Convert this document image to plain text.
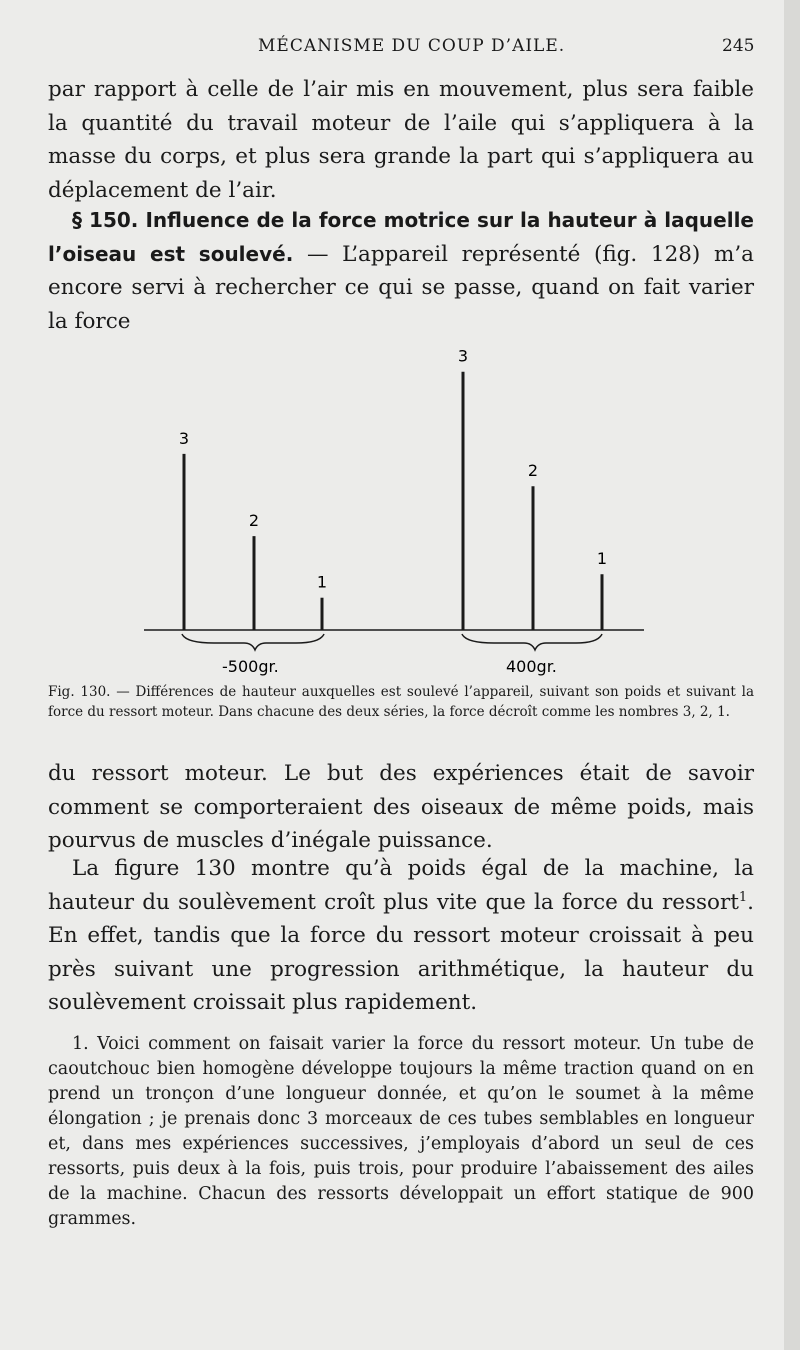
MÉCANISME DU COUP D’AILE.	245

par rapport à celle de l’air mis en mouvement, plus sera faible la quantité du travail moteur de l’aile qui s’appliquera à la masse du corps, et plus sera grande la part qui s’appliquera au déplacement de l’air.

§ 150. Influence de la force motrice sur la hauteur à laquelle l’oiseau est soulevé. — L’appareil représenté (fig. 128) m’a encore servi à rechercher ce qui se passe, quand on fait varier la force

3
2
1
3
2
1
-500gr.	400gr.

Fig. 130. — Différences de hauteur auxquelles est soulevé l’appareil, suivant son poids et suivant la force du ressort moteur. Dans chacune des deux séries, la force décroît comme les nombres 3, 2, 1.

du ressort moteur. Le but des expériences était de savoir comment se comporteraient des oiseaux de même poids, mais pourvus de muscles d’inégale puissance.

La figure 130 montre qu’à poids égal de la machine, la hauteur du soulèvement croît plus vite que la force du ressort$^1$. En effet, tandis que la force du ressort moteur croissait à peu près suivant une progression arithmétique, la hauteur du soulèvement croissait plus rapidement.

1. Voici comment on faisait varier la force du ressort moteur. Un tube de caoutchouc bien homogène développe toujours la même traction quand on en prend un tronçon d’une longueur donnée, et qu’on le soumet à la même élongation ; je prenais donc 3 morceaux de ces tubes semblables en longueur et, dans mes expériences successives, j’employais d’abord un seul de ces ressorts, puis deux à la fois, puis trois, pour produire l’abaissement des ailes de la machine. Chacun des ressorts développait un effort statique de 900 grammes.
